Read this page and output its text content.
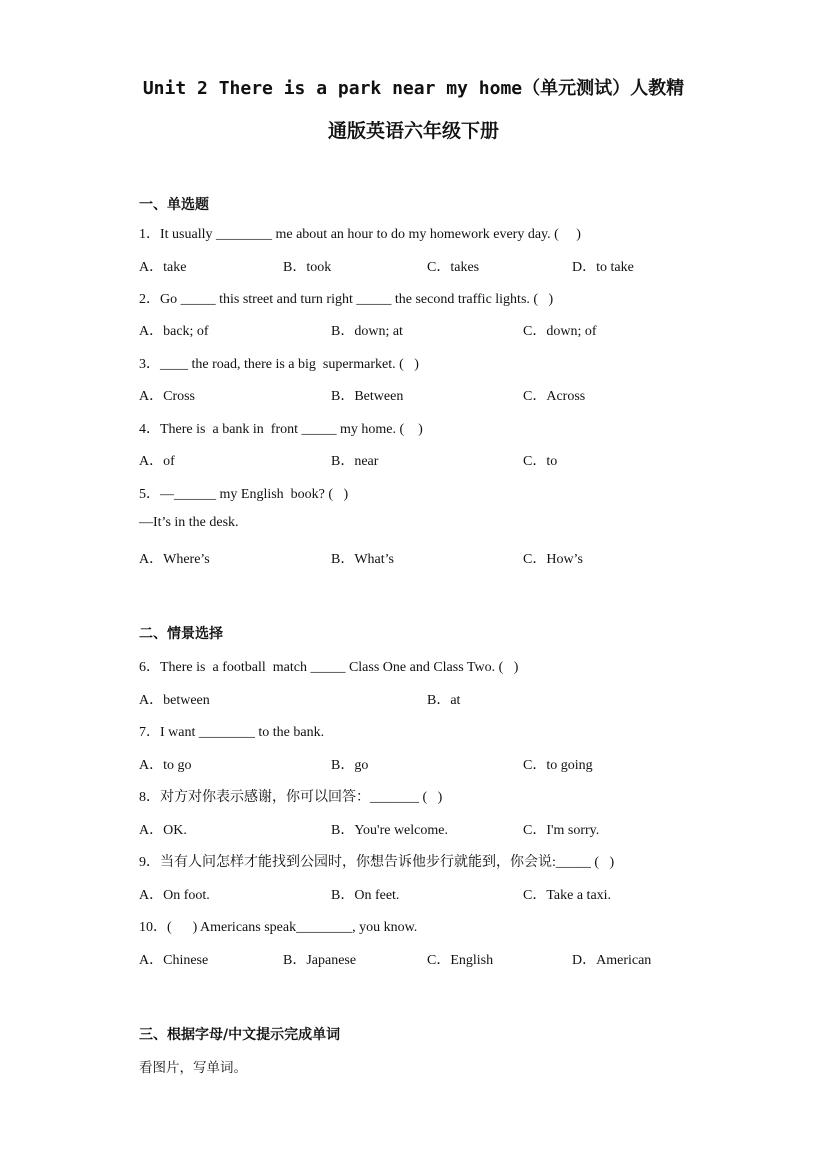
Unit 2 There is a park near my home（单元测试）人教精
通版英语六年级下册
一、单选题
1．It usually ________ me about an hour to do my homework every day. (     )
A．take	B．took	C．takes	D．to take
2．Go _____ this street and turn right _____ the second traffic lights. (   )
A．back; of	B．down; at	C．down; of
3．____ the road, there is a big  supermarket. (   )
A．Cross	B．Between	C．Across
4．There is  a bank in  front _____ my home. (    )
A．of	B．near	C．to
5．—______ my English  book? (   )
—It’s in the desk.
A．Where’s	B．What’s	C．How’s
二、情景选择
6．There is  a football  match _____ Class One and Class Two. (   )
A．between	B．at
7．I want ________ to the bank.
A．to go	B．go	C．to going
8．对方对你表示感谢，你可以回答：_______ (   )
A．OK.	B．You're welcome.	C．I'm sorry.
9．当有人问怎样才能找到公园时，你想告诉他步行就能到，你会说:_____ (   )
A．On foot.	B．On feet.	C．Take a taxi.
10．(      ) Americans speak________, you know.
A．Chinese	B．Japanese	C．English	D．American
三、根据字母/中文提示完成单词
看图片，写单词。
